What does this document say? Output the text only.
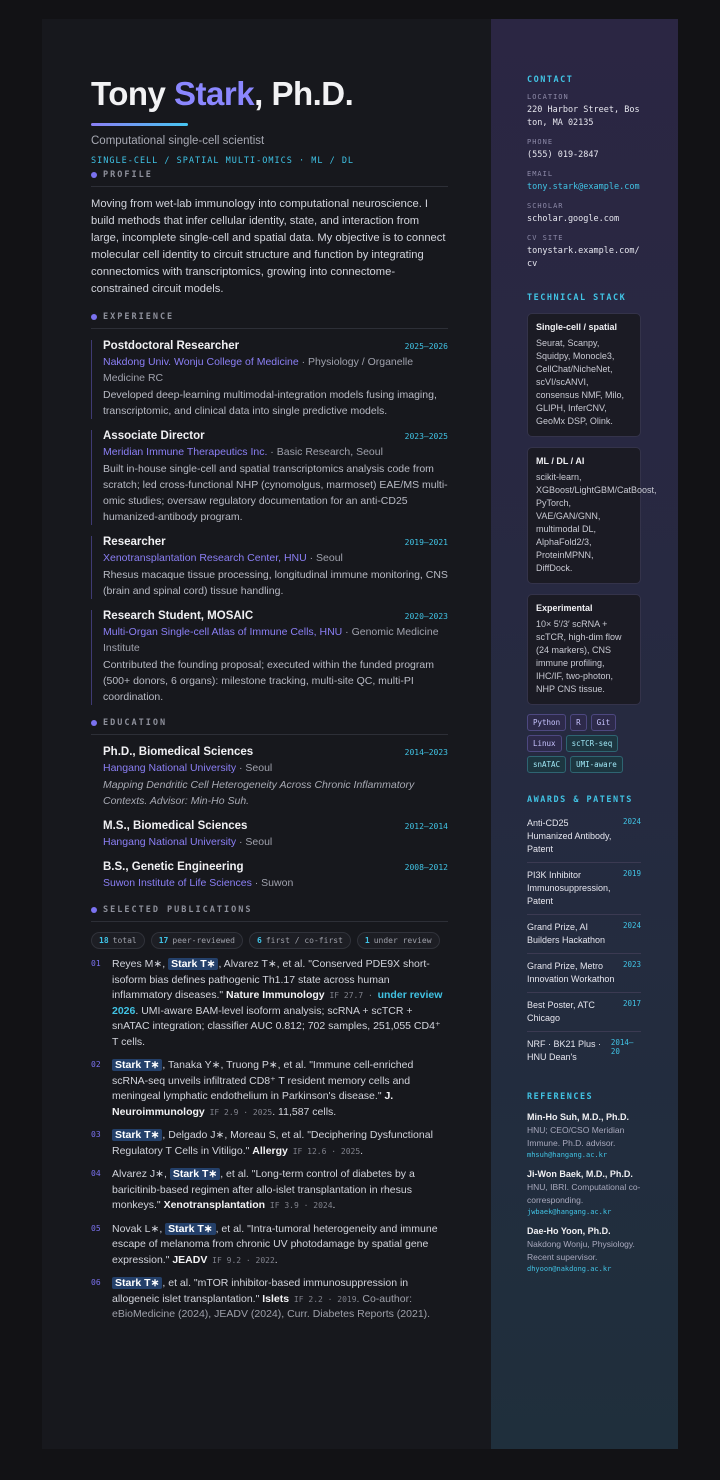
Tony Stark, Ph.D.
Computational single-cell scientist
SINGLE-CELL / SPATIAL MULTI-OMICS · ML / DL
PROFILE
Moving from wet-lab immunology into computational neuroscience. I build methods that infer cellular identity, state, and interaction from large, incomplete single-cell and spatial data. My objective is to connect molecular cell identity to circuit structure and function by integrating connectomics with transcriptomics, growing into connectome-constrained circuit models.
EXPERIENCE
Postdoctoral Researcher	2025–2026
Nakdong Univ. Wonju College of Medicine · Physiology / Organelle Medicine RC
Developed deep-learning multimodal-integration models fusing imaging, transcriptomic, and clinical data into single predictive models.
Associate Director	2023–2025
Meridian Immune Therapeutics Inc. · Basic Research, Seoul
Built in-house single-cell and spatial transcriptomics analysis code from scratch; led cross-functional NHP (cynomolgus, marmoset) EAE/MS multi-omic studies; oversaw regulatory documentation for an anti-CD25 humanized-antibody program.
Researcher	2019–2021
Xenotransplantation Research Center, HNU · Seoul
Rhesus macaque tissue processing, longitudinal immune monitoring, CNS (brain and spinal cord) tissue handling.
Research Student, MOSAIC	2020–2023
Multi-Organ Single-cell Atlas of Immune Cells, HNU · Genomic Medicine Institute
Contributed the founding proposal; executed within the funded program (500+ donors, 6 organs): milestone tracking, multi-site QC, multi-PI coordination.
EDUCATION
Ph.D., Biomedical Sciences	2014–2023
Hangang National University · Seoul
Mapping Dendritic Cell Heterogeneity Across Chronic Inflammatory Contexts. Advisor: Min-Ho Suh.
M.S., Biomedical Sciences	2012–2014
Hangang National University · Seoul
B.S., Genetic Engineering	2008–2012
Suwon Institute of Life Sciences · Suwon
SELECTED PUBLICATIONS
18 total	17 peer-reviewed	6 first / co-first	1 under review
01	Reyes M∗, Stark T∗ , Alvarez T∗, et al. "Conserved PDE9X short-isoform bias defines pathogenic Th1.17 state across human inflammatory diseases." Nature Immunology IF 27.7 · under review 2026. UMI-aware BAM-level isoform analysis; scRNA + scTCR + snATAC integration; classifier AUC 0.812; 702 samples, 251,055 CD4⁺ T cells.
02	Stark T∗ , Tanaka Y∗, Truong P∗, et al. "Immune cell-enriched scRNA-seq unveils infiltrated CD8⁺ T resident memory cells and meningeal lymphatic endothelium in Parkinson's disease." J. Neuroimmunology IF 2.9 · 2025. 11,587 cells.
03	Stark T∗ , Delgado J∗, Moreau S, et al. "Deciphering Dysfunctional Regulatory T Cells in Vitiligo." Allergy IF 12.6 · 2025.
04	Alvarez J∗, Stark T∗ , et al. "Long-term control of diabetes by a baricitinib-based regimen after allo-islet transplantation in rhesus monkeys." Xenotransplantation IF 3.9 · 2024.
05	Novak L∗, Stark T∗ , et al. "Intra-tumoral heterogeneity and immune escape of melanoma from chronic UV photodamage by spatial gene expression." JEADV IF 9.2 · 2022.
06	Stark T∗ , et al. "mTOR inhibitor-based immunosuppression in allogeneic islet transplantation." Islets IF 2.2 · 2019. Co-author: eBioMedicine (2024), JEADV (2024), Curr. Diabetes Reports (2021).
CONTACT
LOCATION
220 Harbor Street, Boston, MA 02135
PHONE
(555) 019-2847
EMAIL
tony.stark@example.com
SCHOLAR
scholar.google.com
CV SITE
tonystark.example.com/cv
TECHNICAL STACK
Single-cell / spatial
Seurat, Scanpy,
Squidpy, Monocle3,
CellChat/NicheNet,
scVI/scANVI,
consensus NMF, Milo,
GLIPH, InferCNV,
GeoMx DSP, Olink.
ML / DL / AI
scikit-learn,
XGBoost/LightGBM/CatBoost,
PyTorch,
VAE/GAN/GNN,
multimodal DL,
AlphaFold2/3,
ProteinMPNN,
DiffDock.
Experimental
10× 5′/3′ scRNA +
scTCR, high-dim flow
(24 markers), CNS
immune profiling,
IHC/IF, two-photon,
NHP CNS tissue.
Python	R	Git
Linux	scTCR-seq
snATAC	UMI-aware
AWARDS & PATENTS
Anti-CD25 Humanized Antibody, Patent
2024
PI3K Inhibitor Immunosuppression, Patent
2019
Grand Prize, AI Builders Hackathon
2024
Grand Prize, Metro Innovation Workathon
2023
Best Poster, ATC Chicago
2017
NRF · BK21 Plus · HNU Dean's
2014–20
REFERENCES
Min-Ho Suh, M.D., Ph.D.
HNU; CEO/CSO Meridian Immune. Ph.D. advisor.
mhsuh@hangang.ac.kr
Ji-Won Baek, M.D., Ph.D.
HNU, IBRI. Computational co-corresponding.
jwbaek@hangang.ac.kr
Dae-Ho Yoon, Ph.D.
Nakdong Wonju, Physiology. Recent supervisor.
dhyoon@nakdong.ac.kr
